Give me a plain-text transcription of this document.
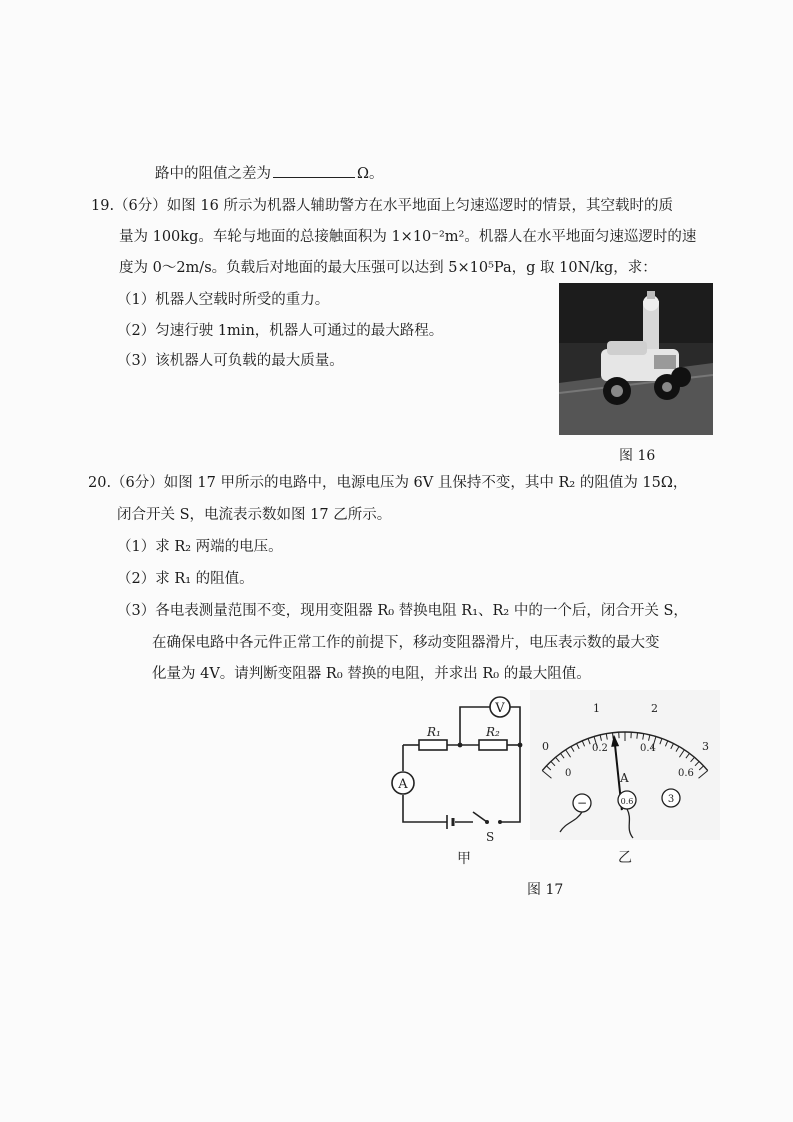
路中的阻值之差为	Ω。
19.（6分）如图 16 所示为机器人辅助警方在水平地面上匀速巡逻时的情景，其空载时的质
量为 100kg。车轮与地面的总接触面积为 1×10⁻²m²。机器人在水平地面匀速巡逻时的速
度为 0～2m/s。负载后对地面的最大压强可以达到 5×10⁵Pa，g 取 10N/kg，求：
（1）机器人空载时所受的重力。
（2）匀速行驶 1min，机器人可通过的最大路程。
（3）该机器人可负载的最大质量。
图 16
20.（6分）如图 17 甲所示的电路中，电源电压为 6V 且保持不变，其中 R₂ 的阻值为 15Ω，
闭合开关 S，电流表示数如图 17 乙所示。
（1）求 R₂ 两端的电压。
（2）求 R₁ 的阻值。
（3）各电表测量范围不变，现用变阻器 R₀ 替换电阻 R₁、R₂ 中的一个后，闭合开关 S，
在确保电路中各元件正常工作的前提下，移动变阻器滑片，电压表示数的最大变
化量为 4V。请判断变阻器 R₀ 替换的电阻，并求出 R₀ 的最大阻值。
V
A
R₁	R₂
S
甲
0
1	2
3
0
0.2	0.4
0.6
A
−	0.6	3
乙
图 17
